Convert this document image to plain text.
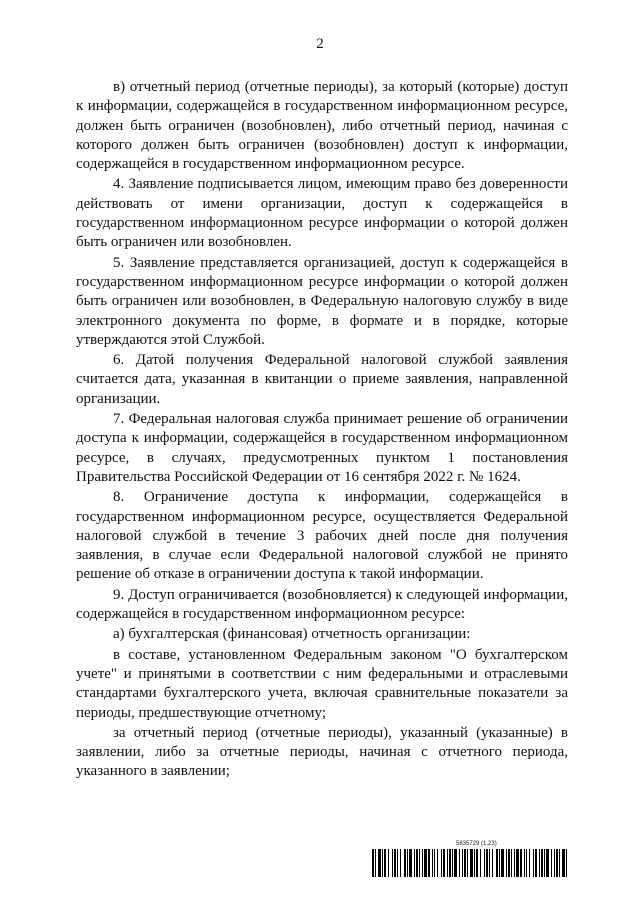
2

в) отчетный период (отчетные периоды), за который (которые) доступ к информации, содержащейся в государственном информационном ресурсе, должен быть ограничен (возобновлен), либо отчетный период, начиная с которого должен быть ограничен (возобновлен) доступ к информации, содержащейся в государственном информационном ресурсе.

4. Заявление подписывается лицом, имеющим право без доверенности действовать от имени организации, доступ к содержащейся в государственном информационном ресурсе информации о которой должен быть ограничен или возобновлен.

5. Заявление представляется организацией, доступ к содержащейся в государственном информационном ресурсе информации о которой должен быть ограничен или возобновлен, в Федеральную налоговую службу в виде электронного документа по форме, в формате и в порядке, которые утверждаются этой Службой.

6. Датой получения Федеральной налоговой службой заявления считается дата, указанная в квитанции о приеме заявления, направленной организации.

7. Федеральная налоговая служба принимает решение об ограничении доступа к информации, содержащейся в государственном информационном ресурсе, в случаях, предусмотренных пунктом 1 постановления Правительства Российской Федерации от 16 сентября 2022 г. № 1624.

8. Ограничение доступа к информации, содержащейся в государственном информационном ресурсе, осуществляется Федеральной налоговой службой в течение 3 рабочих дней после дня получения заявления, в случае если Федеральной налоговой службой не принято решение об отказе в ограничении доступа к такой информации.

9. Доступ ограничивается (возобновляется) к следующей информации, содержащейся в государственном информационном ресурсе:

а) бухгалтерская (финансовая) отчетность организации:

в составе, установленном Федеральным законом "О бухгалтерском учете" и принятыми в соответствии с ним федеральными и отраслевыми стандартами бухгалтерского учета, включая сравнительные показатели за периоды, предшествующие отчетному;

за отчетный период (отчетные периоды), указанный (указанные) в заявлении, либо за отчетные периоды, начиная с отчетного периода, указанного в заявлении;

5835729 (1.23)
